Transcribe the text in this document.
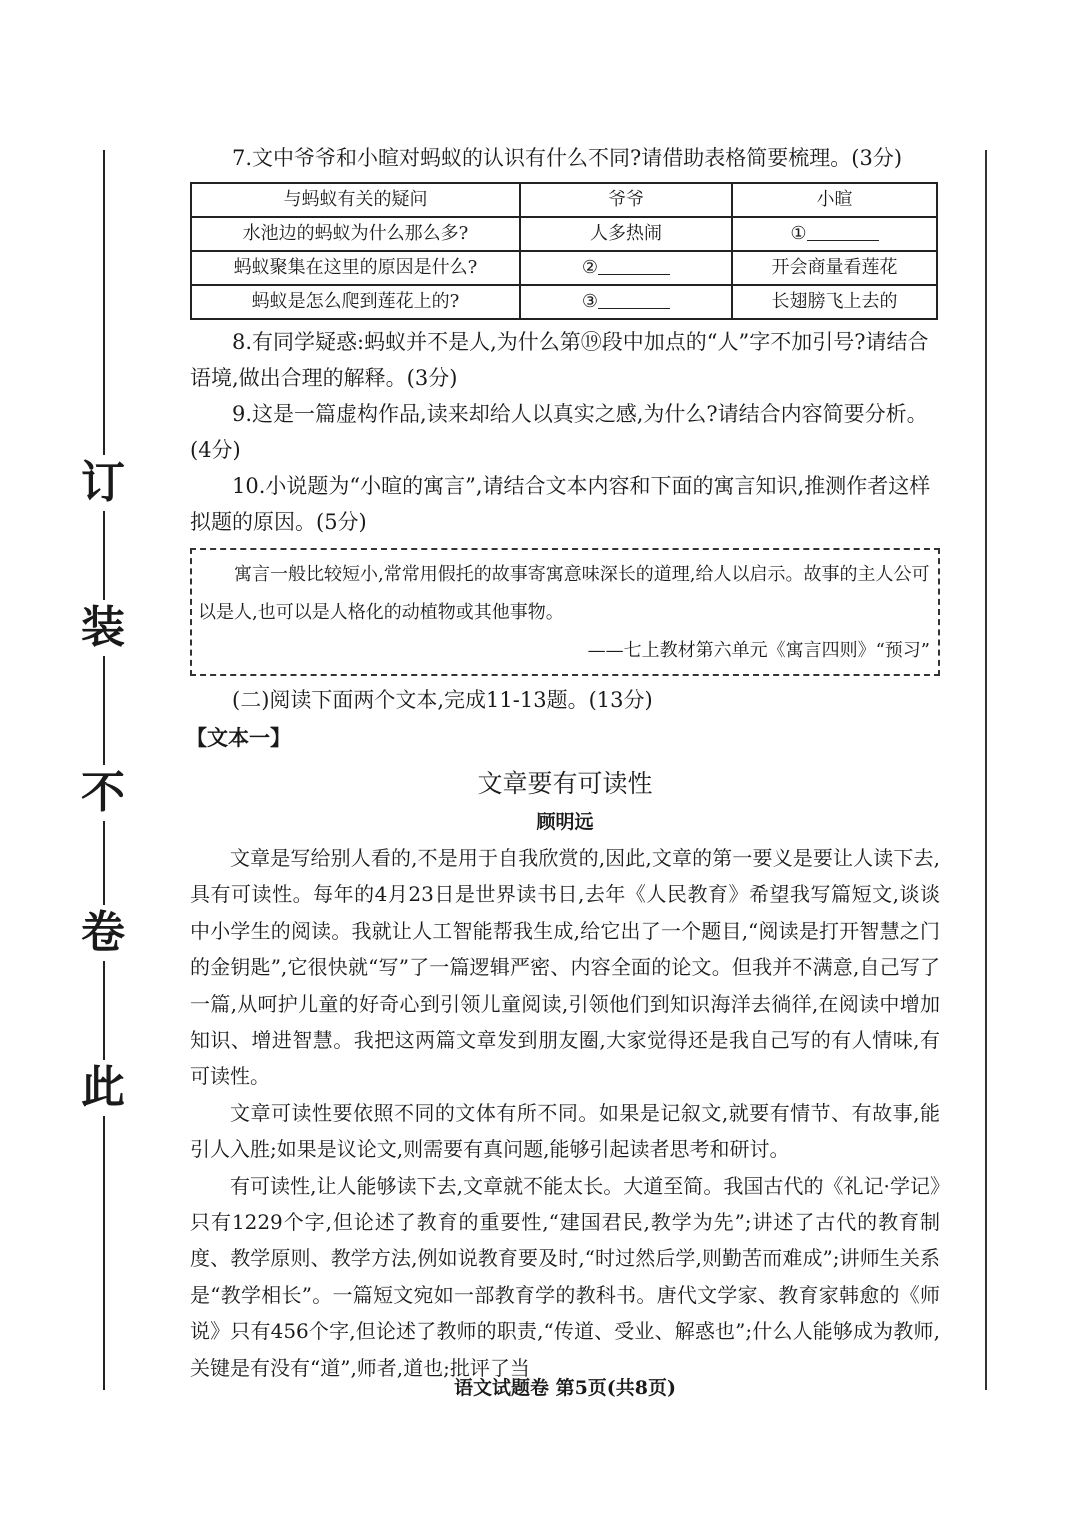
订
装
不
卷
此

7.文中爷爷和小暄对蚂蚁的认识有什么不同?请借助表格简要梳理。(3分)

与蚂蚁有关的疑问	爷爷	小暄
水池边的蚂蚁为什么那么多?	人多热闹	①
蚂蚁聚集在这里的原因是什么?	②	开会商量看莲花
蚂蚁是怎么爬到莲花上的?	③	长翅膀飞上去的

8.有同学疑惑:蚂蚁并不是人,为什么第⑲段中加点的“人”字不加引号?请结合语境,做出合理的解释。(3分)

9.这是一篇虚构作品,读来却给人以真实之感,为什么?请结合内容简要分析。(4分)

10.小说题为“小暄的寓言”,请结合文本内容和下面的寓言知识,推测作者这样拟题的原因。(5分)

寓言一般比较短小,常常用假托的故事寄寓意味深长的道理,给人以启示。故事的主人公可以是人,也可以是人格化的动植物或其他事物。

——七上教材第六单元《寓言四则》“预习”

(二)阅读下面两个文本,完成11-13题。(13分)

【文本一】

文章要有可读性

顾明远

文章是写给别人看的,不是用于自我欣赏的,因此,文章的第一要义是要让人读下去,具有可读性。每年的4月23日是世界读书日,去年《人民教育》希望我写篇短文,谈谈中小学生的阅读。我就让人工智能帮我生成,给它出了一个题目,“阅读是打开智慧之门的金钥匙”,它很快就“写”了一篇逻辑严密、内容全面的论文。但我并不满意,自己写了一篇,从呵护儿童的好奇心到引领儿童阅读,引领他们到知识海洋去徜徉,在阅读中增加知识、增进智慧。我把这两篇文章发到朋友圈,大家觉得还是我自己写的有人情味,有可读性。

文章可读性要依照不同的文体有所不同。如果是记叙文,就要有情节、有故事,能引人入胜;如果是议论文,则需要有真问题,能够引起读者思考和研讨。

有可读性,让人能够读下去,文章就不能太长。大道至简。我国古代的《礼记·学记》只有1229个字,但论述了教育的重要性,“建国君民,教学为先”;讲述了古代的教育制度、教学原则、教学方法,例如说教育要及时,“时过然后学,则勤苦而难成”;讲师生关系是“教学相长”。一篇短文宛如一部教育学的教科书。唐代文学家、教育家韩愈的《师说》只有456个字,但论述了教师的职责,“传道、受业、解惑也”;什么人能够成为教师,关键是有没有“道”,师者,道也;批评了当

语文试题卷 第5页(共8页)
